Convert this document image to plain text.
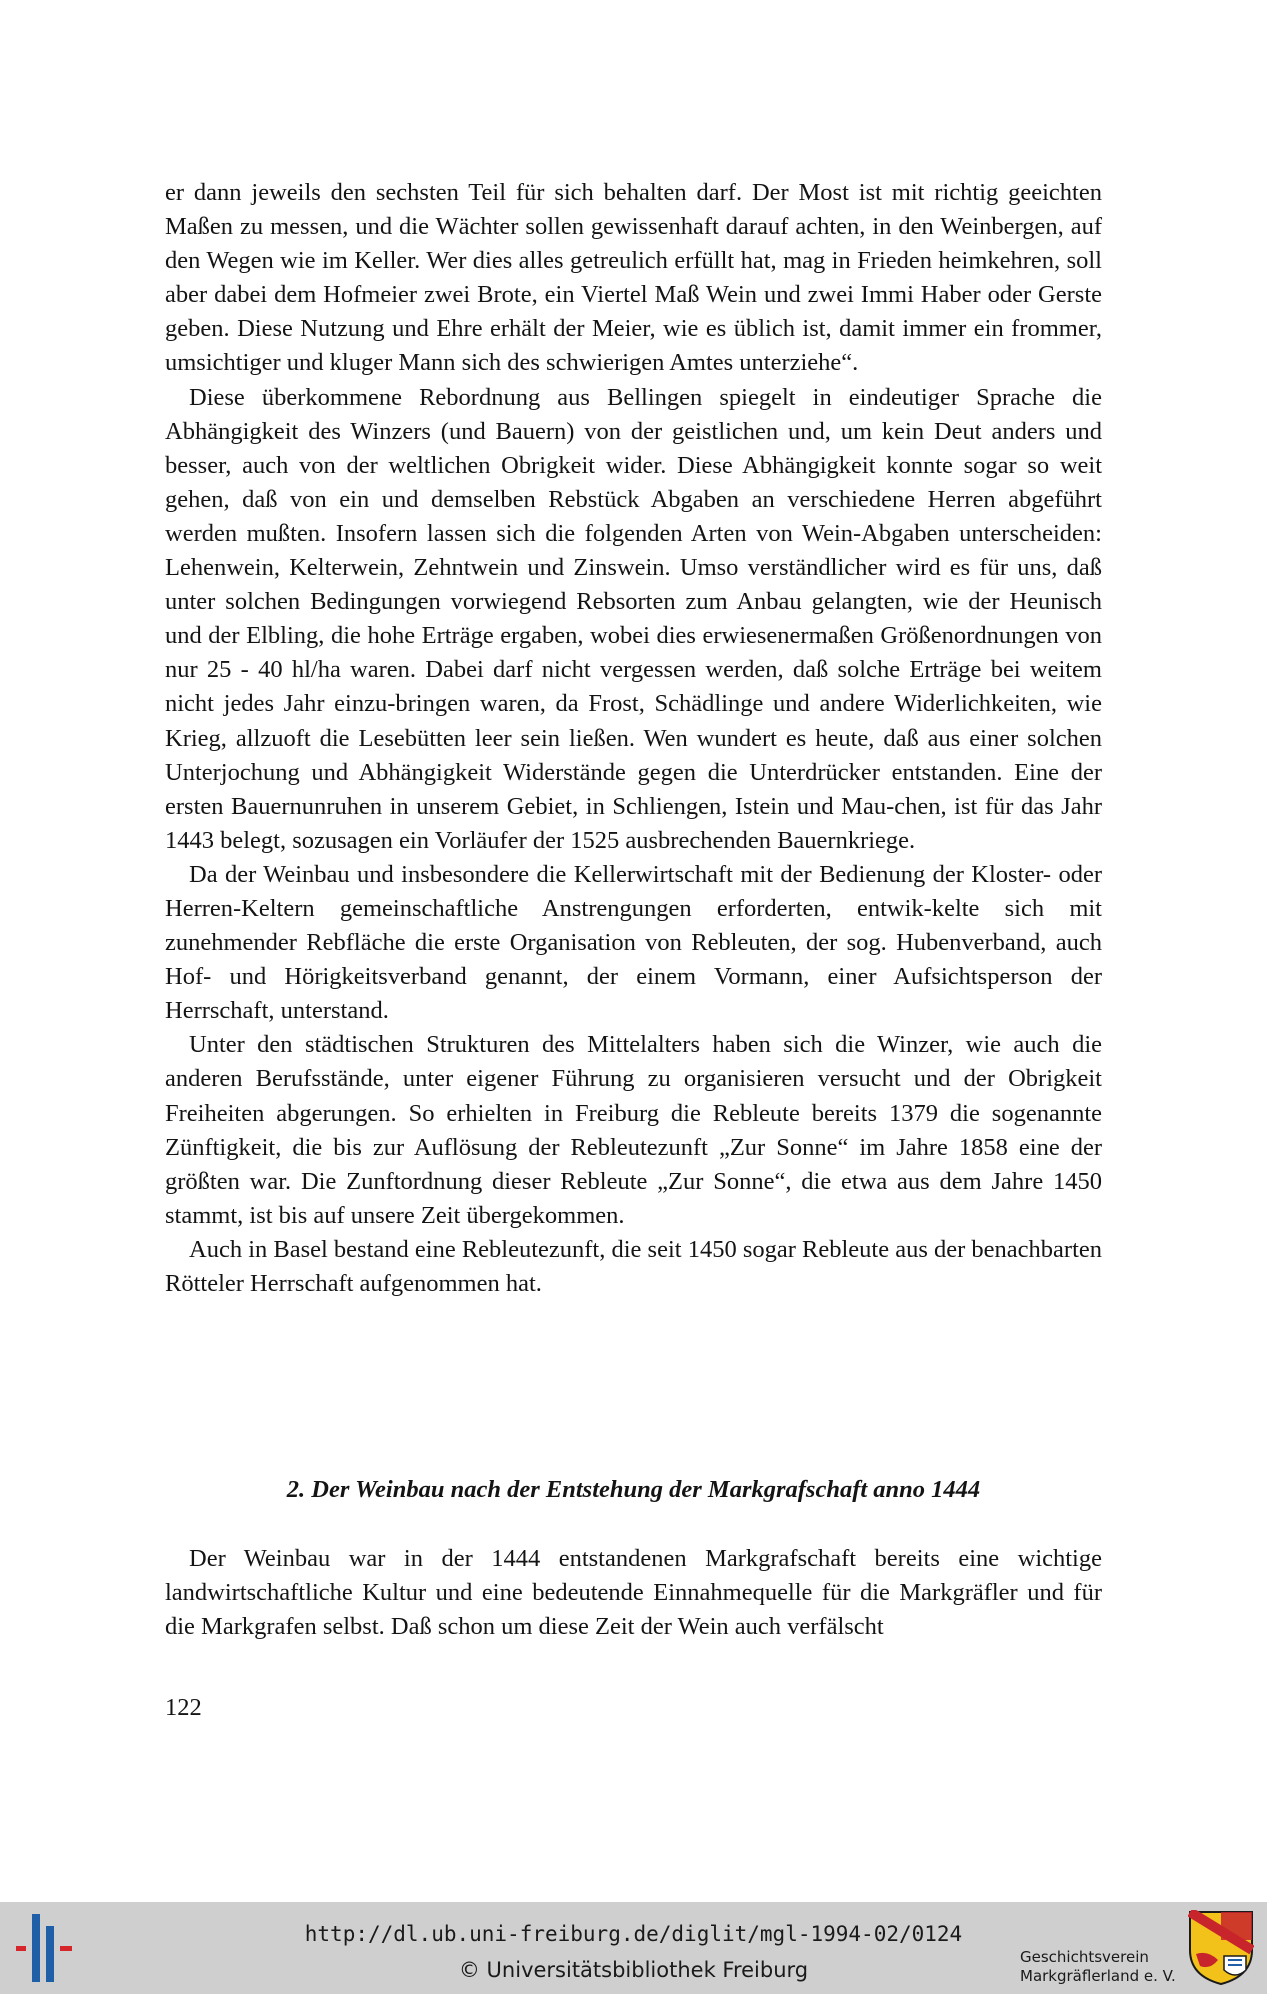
er dann jeweils den sechsten Teil für sich behalten darf. Der Most ist mit richtig geeichten Maßen zu messen, und die Wächter sollen gewissenhaft darauf achten, in den Weinbergen, auf den Wegen wie im Keller. Wer dies alles getreulich erfüllt hat, mag in Frieden heimkehren, soll aber dabei dem Hofmeier zwei Brote, ein Viertel Maß Wein und zwei Immi Haber oder Gerste geben. Diese Nutzung und Ehre erhält der Meier, wie es üblich ist, damit immer ein frommer, umsichtiger und kluger Mann sich des schwierigen Amtes unterziehe“.

Diese überkommene Rebordnung aus Bellingen spiegelt in eindeutiger Sprache die Abhängigkeit des Winzers (und Bauern) von der geistlichen und, um kein Deut anders und besser, auch von der weltlichen Obrigkeit wider. Diese Abhängigkeit konnte sogar so weit gehen, daß von ein und demselben Rebstück Abgaben an verschiedene Herren abgeführt werden mußten. Insofern lassen sich die folgenden Arten von Wein-Abgaben unterscheiden: Lehenwein, Kelterwein, Zehntwein und Zinswein. Umso verständlicher wird es für uns, daß unter solchen Bedingungen vorwiegend Rebsorten zum Anbau gelangten, wie der Heunisch und der Elbling, die hohe Erträge ergaben, wobei dies erwiesenermaßen Größenordnungen von nur 25 - 40 hl/ha waren. Dabei darf nicht vergessen werden, daß solche Erträge bei weitem nicht jedes Jahr einzu-bringen waren, da Frost, Schädlinge und andere Widerlichkeiten, wie Krieg, allzuoft die Lesebütten leer sein ließen. Wen wundert es heute, daß aus einer solchen Unterjochung und Abhängigkeit Widerstände gegen die Unterdrücker entstanden. Eine der ersten Bauernunruhen in unserem Gebiet, in Schliengen, Istein und Mau-chen, ist für das Jahr 1443 belegt, sozusagen ein Vorläufer der 1525 ausbrechenden Bauernkriege.

Da der Weinbau und insbesondere die Kellerwirtschaft mit der Bedienung der Kloster- oder Herren-Keltern gemeinschaftliche Anstrengungen erforderten, entwik-kelte sich mit zunehmender Rebfläche die erste Organisation von Rebleuten, der sog. Hubenverband, auch Hof- und Hörigkeitsverband genannt, der einem Vormann, einer Aufsichtsperson der Herrschaft, unterstand.

Unter den städtischen Strukturen des Mittelalters haben sich die Winzer, wie auch die anderen Berufsstände, unter eigener Führung zu organisieren versucht und der Obrigkeit Freiheiten abgerungen. So erhielten in Freiburg die Rebleute bereits 1379 die sogenannte Zünftigkeit, die bis zur Auflösung der Rebleutezunft „Zur Sonne“ im Jahre 1858 eine der größten war. Die Zunftordnung dieser Rebleute „Zur Sonne“, die etwa aus dem Jahre 1450 stammt, ist bis auf unsere Zeit übergekommen.

Auch in Basel bestand eine Rebleutezunft, die seit 1450 sogar Rebleute aus der benachbarten Rötteler Herrschaft aufgenommen hat.

2. Der Weinbau nach der Entstehung der Markgrafschaft anno 1444

Der Weinbau war in der 1444 entstandenen Markgrafschaft bereits eine wichtige landwirtschaftliche Kultur und eine bedeutende Einnahmequelle für die Markgräfler und für die Markgrafen selbst. Daß schon um diese Zeit der Wein auch verfälscht

122
http://dl.ub.uni-freiburg.de/diglit/mgl-1994-02/0124
© Universitätsbibliothek Freiburg
Geschichtsverein
Markgräflerland e. V.
